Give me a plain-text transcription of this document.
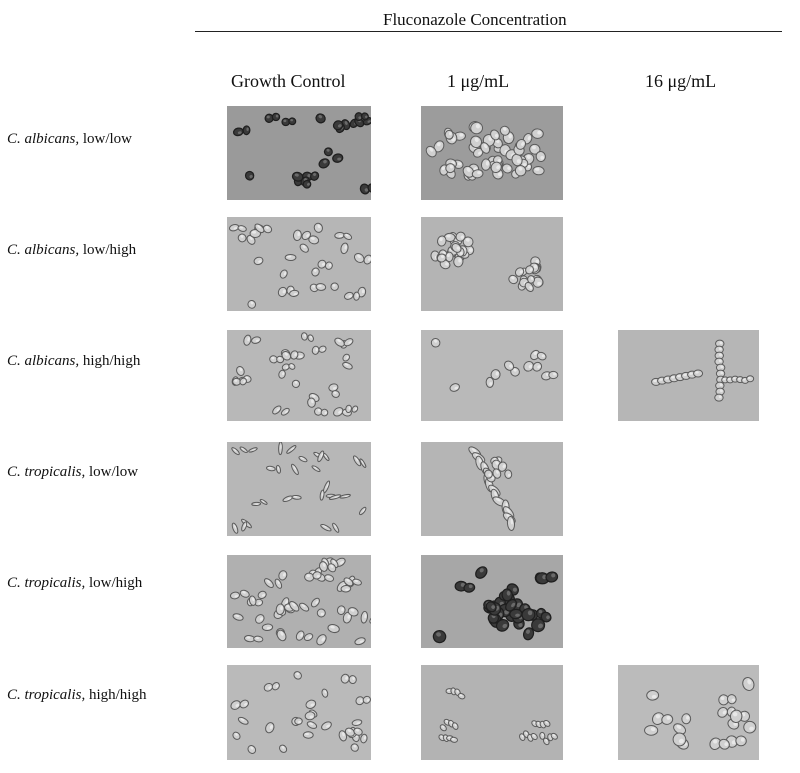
Fluconazole Concentration
Growth Control	1 μg/mL	16 μg/mL
C. albicans, low/low
C. albicans, low/high
C. albicans, high/high
C. tropicalis, low/low
C. tropicalis, low/high
C. tropicalis, high/high
